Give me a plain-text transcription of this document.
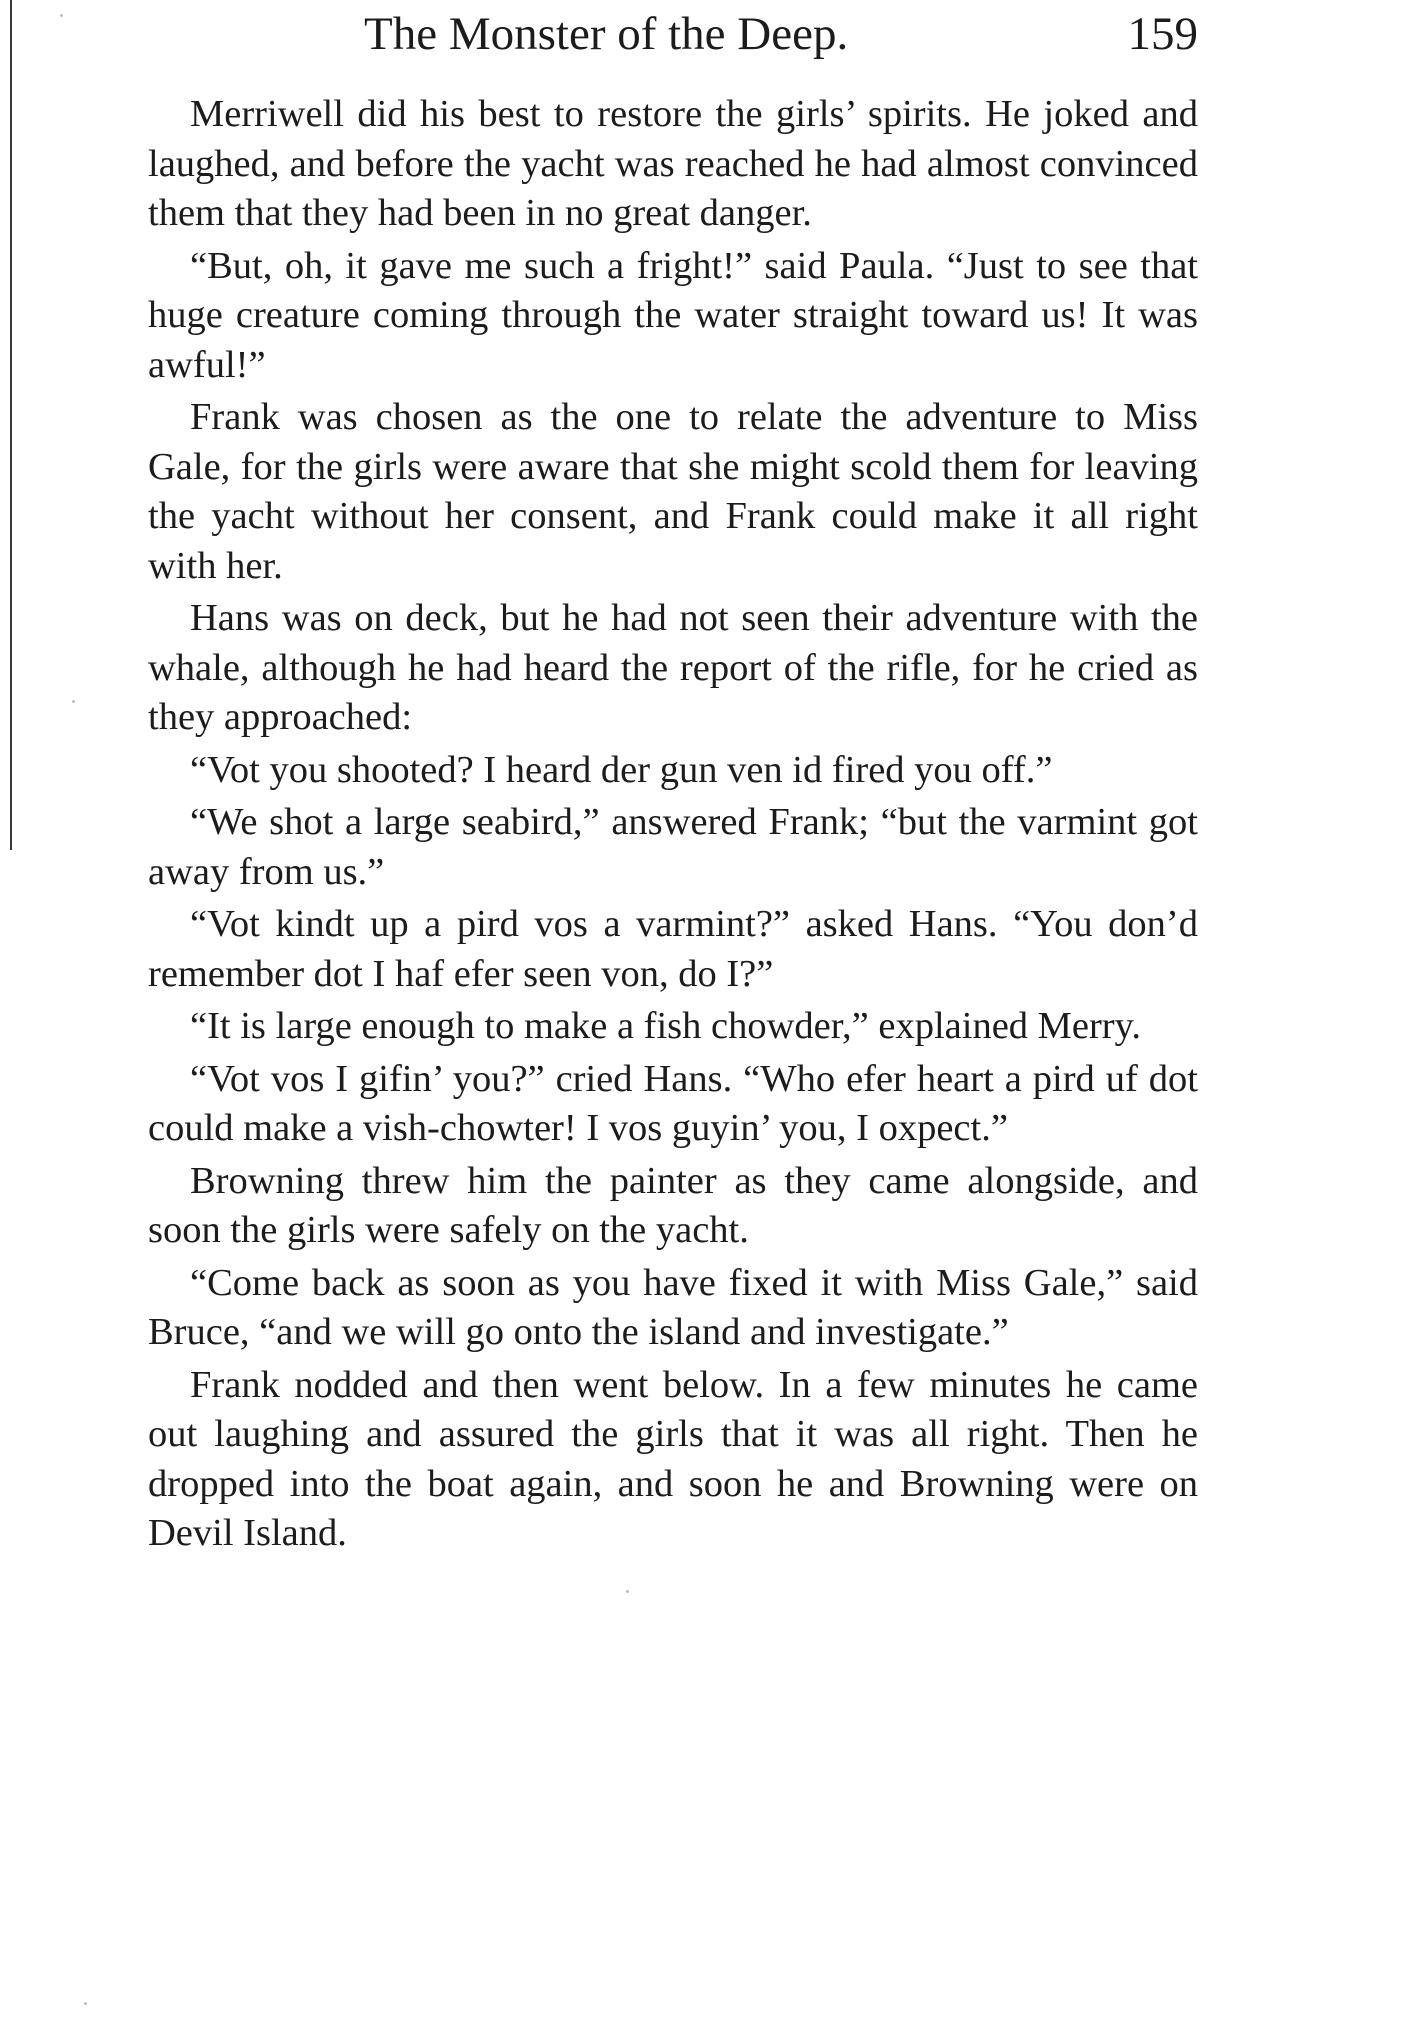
The Monster of the Deep.	159

Merriwell did his best to restore the girls’ spirits. He joked and laughed, and before the yacht was reached he had almost convinced them that they had been in no great danger.

“But, oh, it gave me such a fright!” said Paula. “Just to see that huge creature coming through the water straight toward us! It was awful!”

Frank was chosen as the one to relate the adventure to Miss Gale, for the girls were aware that she might scold them for leaving the yacht without her consent, and Frank could make it all right with her.

Hans was on deck, but he had not seen their adventure with the whale, although he had heard the report of the rifle, for he cried as they approached:

“Vot you shooted? I heard der gun ven id fired you off.”

“We shot a large seabird,” answered Frank; “but the varmint got away from us.”

“Vot kindt up a pird vos a varmint?” asked Hans. “You don’d remember dot I haf efer seen von, do I?”

“It is large enough to make a fish chowder,” explained Merry.

“Vot vos I gifin’ you?” cried Hans. “Who efer heart a pird uf dot could make a vish-chowter! I vos guyin’ you, I oxpect.”

Browning threw him the painter as they came alongside, and soon the girls were safely on the yacht.

“Come back as soon as you have fixed it with Miss Gale,” said Bruce, “and we will go onto the island and investigate.”

Frank nodded and then went below. In a few minutes he came out laughing and assured the girls that it was all right. Then he dropped into the boat again, and soon he and Browning were on Devil Island.
